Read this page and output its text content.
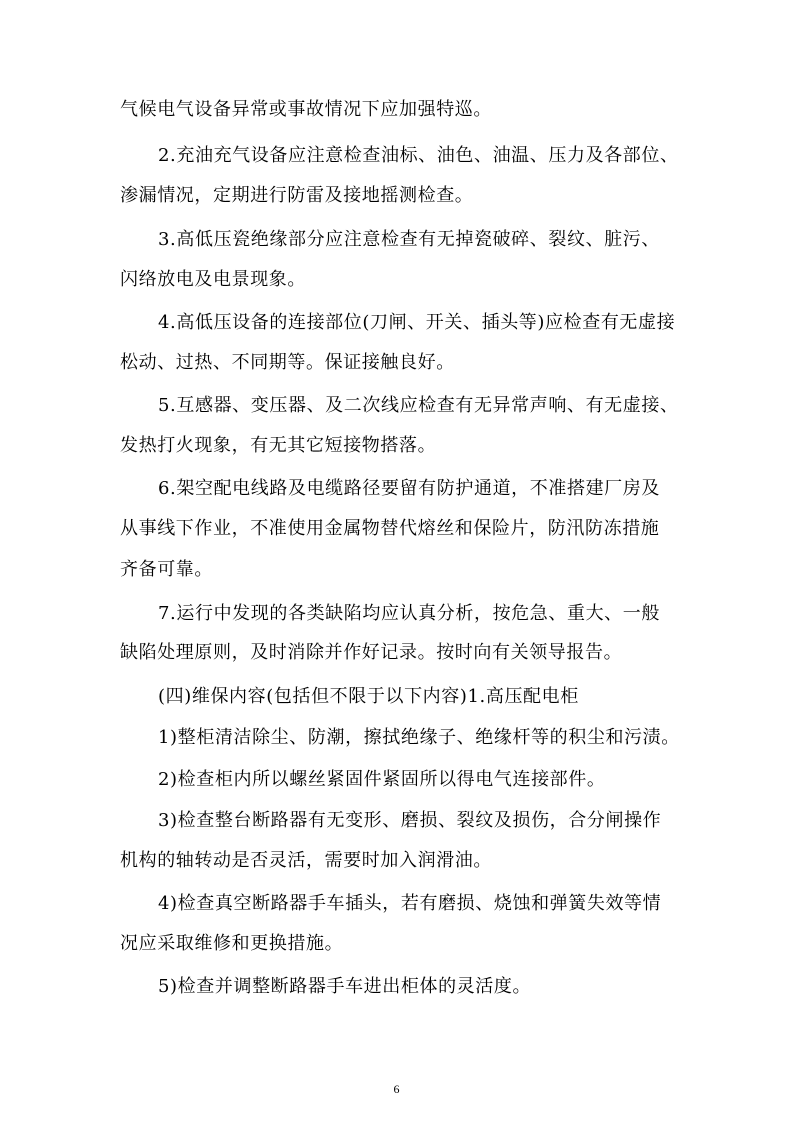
气候电气设备异常或事故情况下应加强特巡。
2.充油充气设备应注意检查油标、油色、油温、压力及各部位、
渗漏情况，定期进行防雷及接地摇测检查。
3.高低压瓷绝缘部分应注意检查有无掉瓷破碎、裂纹、脏污、
闪络放电及电景现象。
4.高低压设备的连接部位(刀闸、开关、插头等)应检查有无虚接
松动、过热、不同期等。保证接触良好。
5.互感器、变压器、及二次线应检查有无异常声响、有无虚接、
发热打火现象，有无其它短接物搭落。
6.架空配电线路及电缆路径要留有防护通道，不准搭建厂房及
从事线下作业，不准使用金属物替代熔丝和保险片，防汛防冻措施
齐备可靠。
7.运行中发现的各类缺陷均应认真分析，按危急、重大、一般
缺陷处理原则，及时消除并作好记录。按时向有关领导报告。
(四)维保内容(包括但不限于以下内容)1.高压配电柜
1)整柜清洁除尘、防潮，擦拭绝缘子、绝缘杆等的积尘和污渍。
2)检查柜内所以螺丝紧固件紧固所以得电气连接部件。
3)检查整台断路器有无变形、磨损、裂纹及损伤，合分闸操作
机构的轴转动是否灵活，需要时加入润滑油。
4)检查真空断路器手车插头，若有磨损、烧蚀和弹簧失效等情
况应采取维修和更换措施。
5)检查并调整断路器手车进出柜体的灵活度。
6
